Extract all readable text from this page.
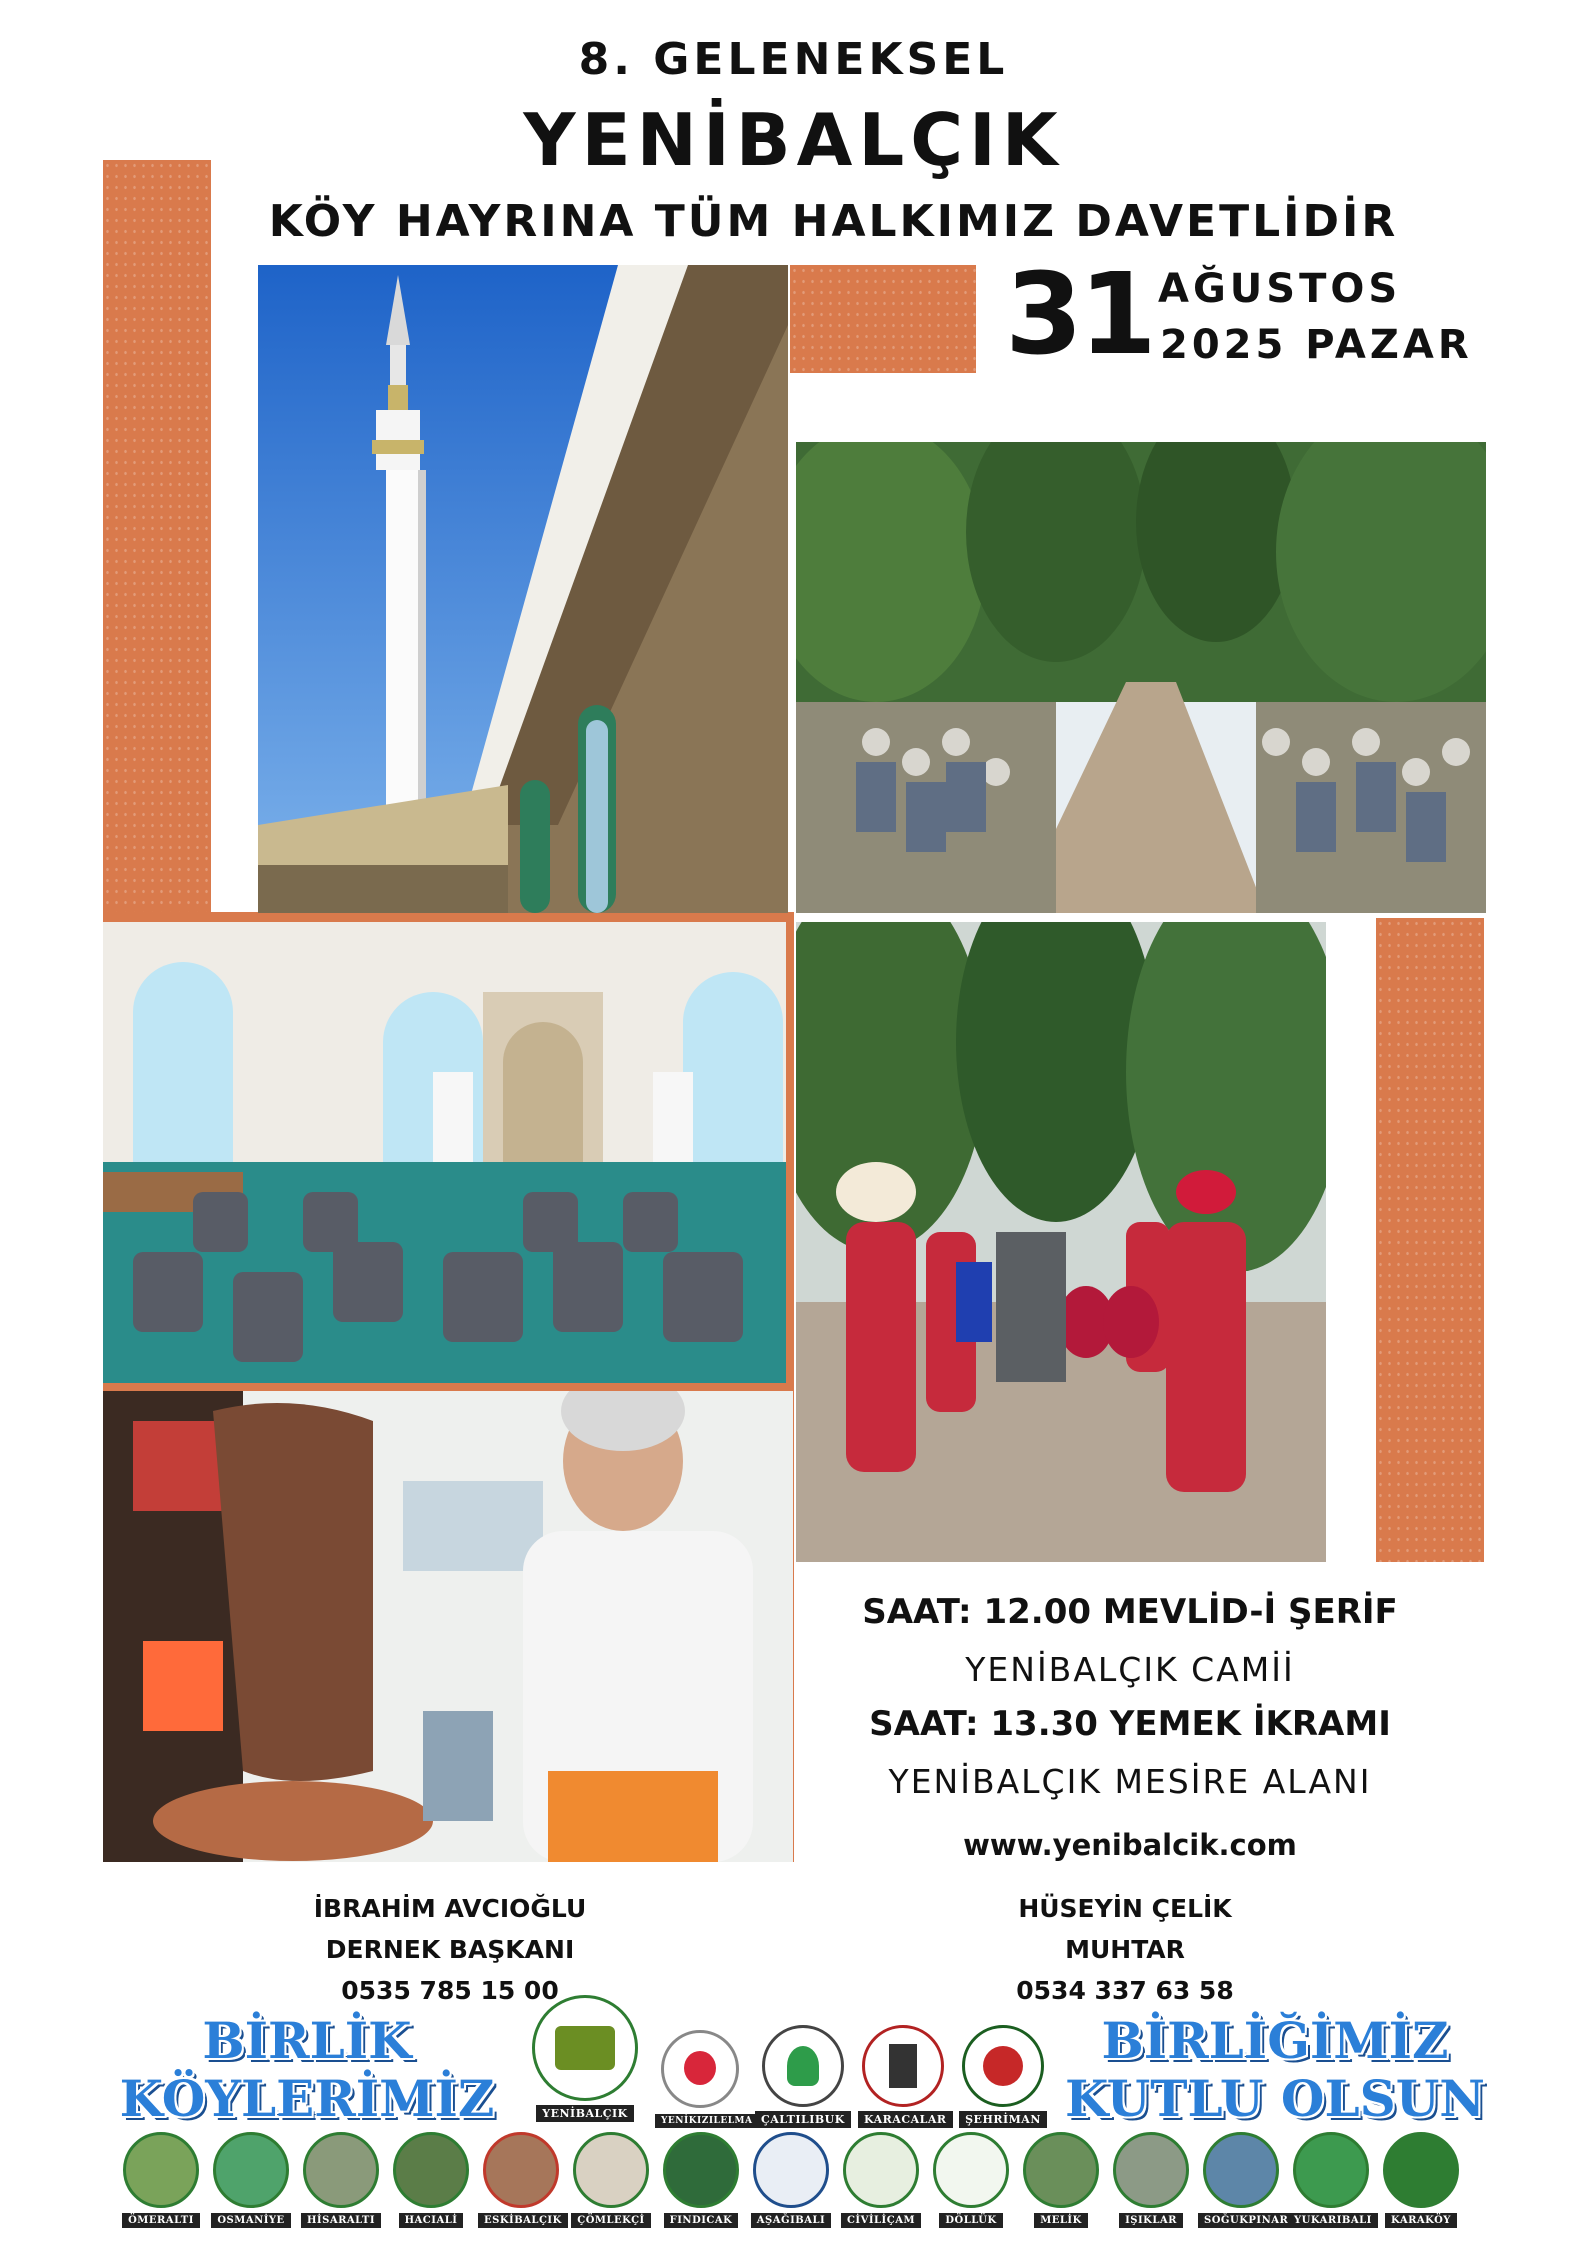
8. GELENEKSEL
YENİBALÇIK
KÖY HAYRINA TÜM HALKIMIZ DAVETLİDİR
31 AĞUSTOS
2025 PAZAR
SAAT: 12.00 MEVLİD-İ ŞERİF
YENİBALÇIK CAMİİ
SAAT: 13.30 YEMEK İKRAMI
YENİBALÇIK MESİRE ALANI
www.yenibalcik.com
İBRAHİM AVCIOĞLU
DERNEK BAŞKANI
0535 785 15 00
HÜSEYİN ÇELİK
MUHTAR
0534 337 63 58
BİRLİK
KÖYLERİMİZ
BİRLİĞİMİZ
KUTLU OLSUN
YENİBALÇIK
YENİKIZILELMA ÇALTILIBUK	KARACALAR	ŞEHRİMAN
ÖMERALTI	OSMANİYE	HİSARALTI	HACIALİ	ESKİBALÇIK	ÇÖMLEKÇİ	FINDICAK	AŞAĞIBALI	CİVİLİÇAM	DÖLLÜK	MELİK	IŞIKLAR	SOĞUKPINAR YUKARIBALI	KARAKÖY
